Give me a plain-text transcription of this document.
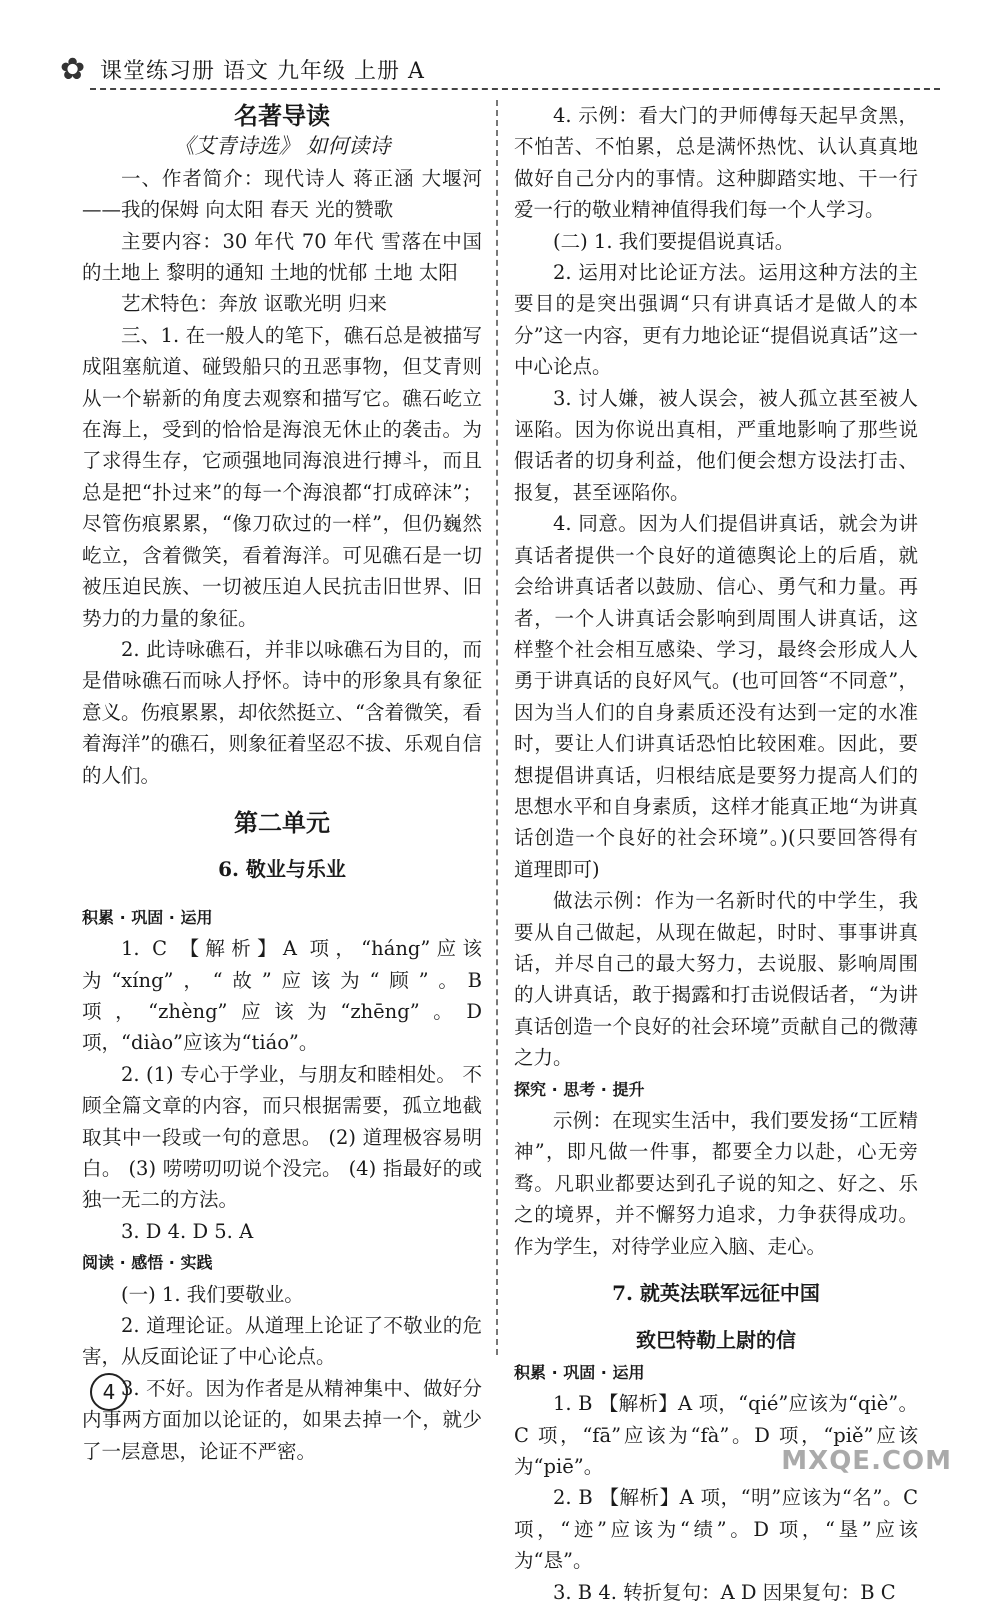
✿ 课堂练习册 语文 九年级 上册 A
名著导读
《艾青诗选》 如何读诗
一、作者简介：现代诗人 蒋正涵 大堰河——我的保姆 向太阳 春天 光的赞歌
主要内容：30 年代 70 年代 雪落在中国的土地上 黎明的通知 土地的忧郁 土地 太阳
艺术特色：奔放 讴歌光明 归来
三、1. 在一般人的笔下，礁石总是被描写成阻塞航道、碰毁船只的丑恶事物，但艾青则从一个崭新的角度去观察和描写它。礁石屹立在海上，受到的恰恰是海浪无休止的袭击。为了求得生存，它顽强地同海浪进行搏斗，而且总是把“扑过来”的每一个海浪都“打成碎沫”；尽管伤痕累累，“像刀砍过的一样”，但仍巍然屹立，含着微笑，看着海洋。可见礁石是一切被压迫民族、一切被压迫人民抗击旧世界、旧势力的力量的象征。
2. 此诗咏礁石，并非以咏礁石为目的，而是借咏礁石而咏人抒怀。诗中的形象具有象征意义。伤痕累累，却依然挺立、“含着微笑，看着海洋”的礁石，则象征着坚忍不拔、乐观自信的人们。
第二单元
6. 敬业与乐业
积累 · 巩固 · 运用
1. C 【解析】A 项，“háng”应该为“xíng”，“故”应该为“顾”。B 项，“zhèng”应该为“zhēng”。D 项，“diào”应该为“tiáo”。
2. (1) 专心于学业，与朋友和睦相处。 不顾全篇文章的内容，而只根据需要，孤立地截取其中一段或一句的意思。 (2) 道理极容易明白。 (3) 唠唠叨叨说个没完。 (4) 指最好的或独一无二的方法。
3. D 4. D 5. A
阅读 · 感悟 · 实践
(一) 1. 我们要敬业。
2. 道理论证。从道理上论证了不敬业的危害，从反面论证了中心论点。
3. 不好。因为作者是从精神集中、做好分内事两方面加以论证的，如果去掉一个，就少了一层意思，论证不严密。
4. 示例：看大门的尹师傅每天起早贪黑，不怕苦、不怕累，总是满怀热忱、认认真真地做好自己分内的事情。这种脚踏实地、干一行爱一行的敬业精神值得我们每一个人学习。
(二) 1. 我们要提倡说真话。
2. 运用对比论证方法。运用这种方法的主要目的是突出强调“只有讲真话才是做人的本分”这一内容，更有力地论证“提倡说真话”这一中心论点。
3. 讨人嫌，被人误会，被人孤立甚至被人诬陷。因为你说出真相，严重地影响了那些说假话者的切身利益，他们便会想方设法打击、报复，甚至诬陷你。
4. 同意。因为人们提倡讲真话，就会为讲真话者提供一个良好的道德舆论上的后盾，就会给讲真话者以鼓励、信心、勇气和力量。再者，一个人讲真话会影响到周围人讲真话，这样整个社会相互感染、学习，最终会形成人人勇于讲真话的良好风气。(也可回答“不同意”，因为当人们的自身素质还没有达到一定的水准时，要让人们讲真话恐怕比较困难。因此，要想提倡讲真话，归根结底是要努力提高人们的思想水平和自身素质，这样才能真正地“为讲真话创造一个良好的社会环境”。)(只要回答得有道理即可)
做法示例：作为一名新时代的中学生，我要从自己做起，从现在做起，时时、事事讲真话，并尽自己的最大努力，去说服、影响周围的人讲真话，敢于揭露和打击说假话者，“为讲真话创造一个良好的社会环境”贡献自己的微薄之力。
探究 · 思考 · 提升
示例：在现实生活中，我们要发扬“工匠精神”，即凡做一件事，都要全力以赴，心无旁骛。凡职业都要达到孔子说的知之、好之、乐之的境界，并不懈努力追求，力争获得成功。作为学生，对待学业应入脑、走心。
7. 就英法联军远征中国
致巴特勒上尉的信
积累 · 巩固 · 运用
1. B 【解析】A 项，“qié”应该为“qiè”。C 项，“fā”应该为“fà”。D 项，“piě”应该为“piē”。
2. B 【解析】A 项，“明”应该为“名”。C 项，“迹”应该为“绩”。D 项，“垦”应该为“恳”。
3. B 4. 转折复句：A D 因果复句：B C
4
MXQE.COM
